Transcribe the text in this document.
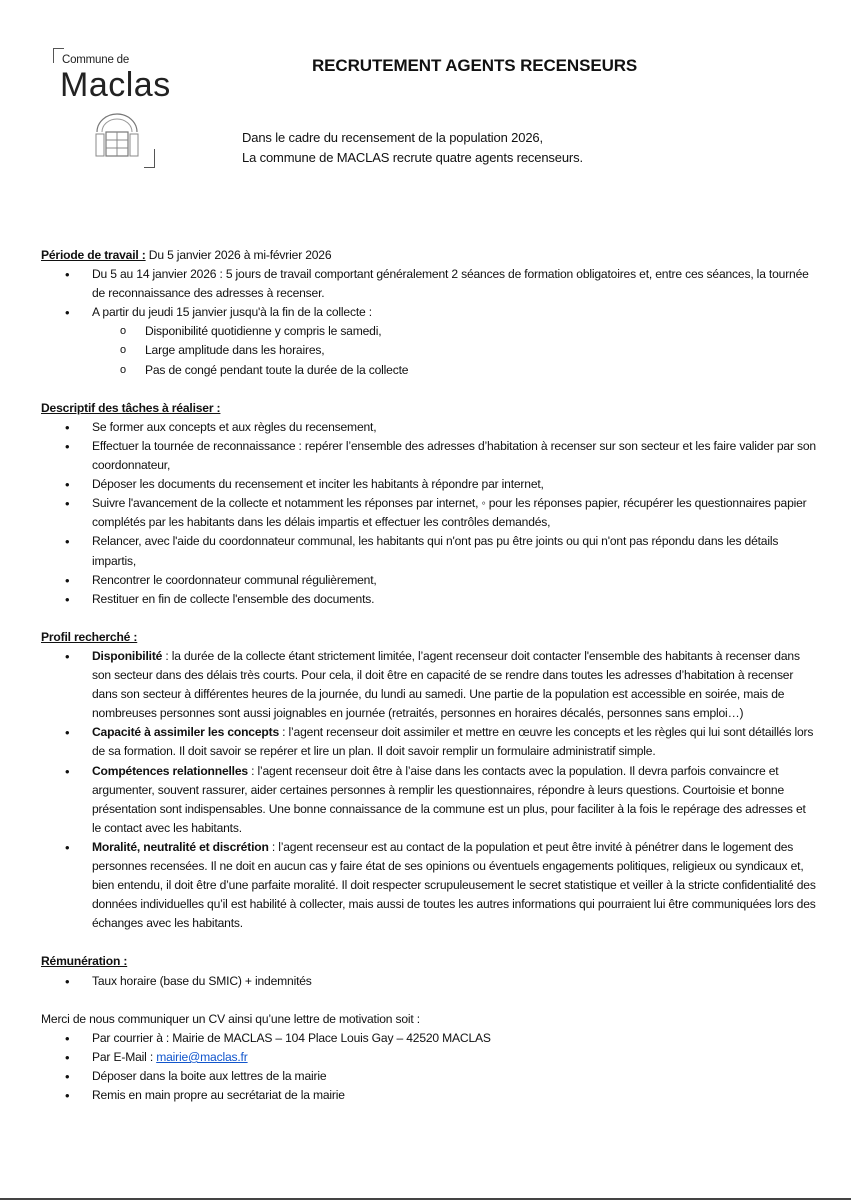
Commune de
Maclas
RECRUTEMENT AGENTS RECENSEURS
Dans le cadre du recensement de la population 2026,
La commune de MACLAS recrute quatre agents recenseurs.
Période de travail : Du 5 janvier 2026 à mi-février 2026
• Du 5 au 14 janvier 2026 : 5 jours de travail comportant généralement 2 séances de formation obligatoires et, entre ces séances, la tournée de reconnaissance des adresses à recenser.
• A partir du jeudi 15 janvier jusqu'à la fin de la collecte :
o Disponibilité quotidienne y compris le samedi,
o Large amplitude dans les horaires,
o Pas de congé pendant toute la durée de la collecte
Descriptif des tâches à réaliser :
• Se former aux concepts et aux règles du recensement,
• Effectuer la tournée de reconnaissance : repérer l’ensemble des adresses d’habitation à recenser sur son secteur et les faire valider par son coordonnateur,
• Déposer les documents du recensement et inciter les habitants à répondre par internet,
• Suivre l'avancement de la collecte et notamment les réponses par internet, ◦ pour les réponses papier, récupérer les questionnaires papier complétés par les habitants dans les délais impartis et effectuer les contrôles demandés,
• Relancer, avec l'aide du coordonnateur communal, les habitants qui n'ont pas pu être joints ou qui n'ont pas répondu dans les détails impartis,
• Rencontrer le coordonnateur communal régulièrement,
• Restituer en fin de collecte l'ensemble des documents.
Profil recherché :
• Disponibilité : la durée de la collecte étant strictement limitée, l’agent recenseur doit contacter l'ensemble des habitants à recenser dans son secteur dans des délais très courts. Pour cela, il doit être en capacité de se rendre dans toutes les adresses d’habitation à recenser dans son secteur à différentes heures de la journée, du lundi au samedi. Une partie de la population est accessible en soirée, mais de nombreuses personnes sont aussi joignables en journée (retraités, personnes en horaires décalés, personnes sans emploi…)
• Capacité à assimiler les concepts : l’agent recenseur doit assimiler et mettre en œuvre les concepts et les règles qui lui sont détaillés lors de sa formation. Il doit savoir se repérer et lire un plan. Il doit savoir remplir un formulaire administratif simple.
• Compétences relationnelles : l’agent recenseur doit être à l’aise dans les contacts avec la population. Il devra parfois convaincre et argumenter, souvent rassurer, aider certaines personnes à remplir les questionnaires, répondre à leurs questions. Courtoisie et bonne présentation sont indispensables. Une bonne connaissance de la commune est un plus, pour faciliter à la fois le repérage des adresses et le contact avec les habitants.
• Moralité, neutralité et discrétion : l’agent recenseur est au contact de la population et peut être invité à pénétrer dans le logement des personnes recensées. Il ne doit en aucun cas y faire état de ses opinions ou éventuels engagements politiques, religieux ou syndicaux et, bien entendu, il doit être d’une parfaite moralité. Il doit respecter scrupuleusement le secret statistique et veiller à la stricte confidentialité des données individuelles qu’il est habilité à collecter, mais aussi de toutes les autres informations qui pourraient lui être communiquées lors des échanges avec les habitants.
Rémunération :
• Taux horaire (base du SMIC) + indemnités
Merci de nous communiquer un CV ainsi qu’une lettre de motivation soit :
• Par courrier à : Mairie de MACLAS – 104 Place Louis Gay – 42520 MACLAS
• Par E-Mail : mairie@maclas.fr
• Déposer dans la boite aux lettres de la mairie
• Remis en main propre au secrétariat de la mairie
